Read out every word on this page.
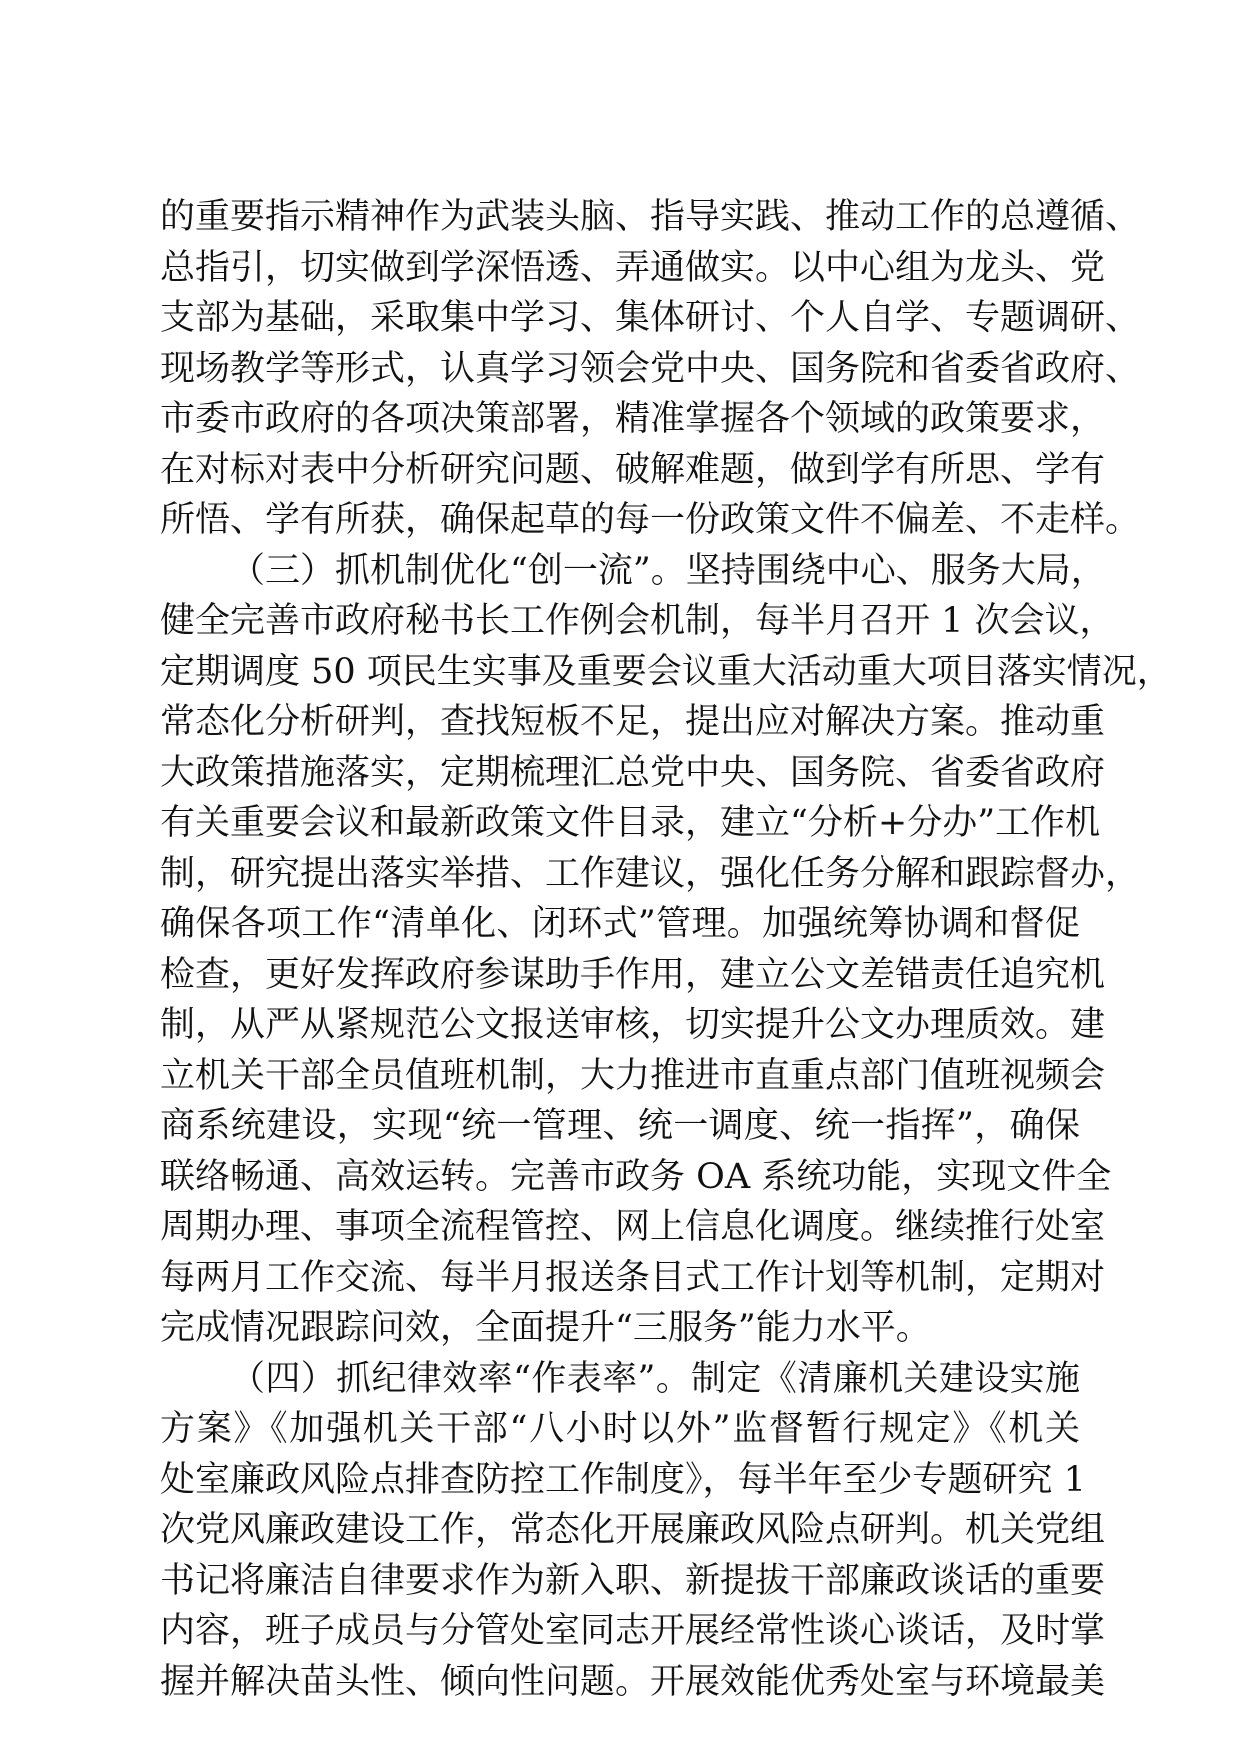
的重要指示精神作为武装头脑、指导实践、推动工作的总遵循、
总指引，切实做到学深悟透、弄通做实。以中心组为龙头、党
支部为基础，采取集中学习、集体研讨、个人自学、专题调研、
现场教学等形式，认真学习领会党中央、国务院和省委省政府、
市委市政府的各项决策部署，精准掌握各个领域的政策要求，
在对标对表中分析研究问题、破解难题，做到学有所思、学有
所悟、学有所获，确保起草的每一份政策文件不偏差、不走样。
（三）抓机制优化“创一流”。坚持围绕中心、服务大局，
健全完善市政府秘书长工作例会机制，每半月召开 1 次会议，
定期调度 50 项民生实事及重要会议重大活动重大项目落实情况，
常态化分析研判，查找短板不足，提出应对解决方案。推动重
大政策措施落实，定期梳理汇总党中央、国务院、省委省政府
有关重要会议和最新政策文件目录，建立“分析+分办”工作机
制，研究提出落实举措、工作建议，强化任务分解和跟踪督办，
确保各项工作“清单化、闭环式”管理。加强统筹协调和督促
检查，更好发挥政府参谋助手作用，建立公文差错责任追究机
制，从严从紧规范公文报送审核，切实提升公文办理质效。建
立机关干部全员值班机制，大力推进市直重点部门值班视频会
商系统建设，实现“统一管理、统一调度、统一指挥”，确保
联络畅通、高效运转。完善市政务 OA 系统功能，实现文件全
周期办理、事项全流程管控、网上信息化调度。继续推行处室
每两月工作交流、每半月报送条目式工作计划等机制，定期对
完成情况跟踪问效，全面提升“三服务”能力水平。
（四）抓纪律效率“作表率”。制定《清廉机关建设实施
方案》《加强机关干部“八小时以外”监督暂行规定》《机关
处室廉政风险点排查防控工作制度》，每半年至少专题研究 1
次党风廉政建设工作，常态化开展廉政风险点研判。机关党组
书记将廉洁自律要求作为新入职、新提拔干部廉政谈话的重要
内容，班子成员与分管处室同志开展经常性谈心谈话，及时掌
握并解决苗头性、倾向性问题。开展效能优秀处室与环境最美
